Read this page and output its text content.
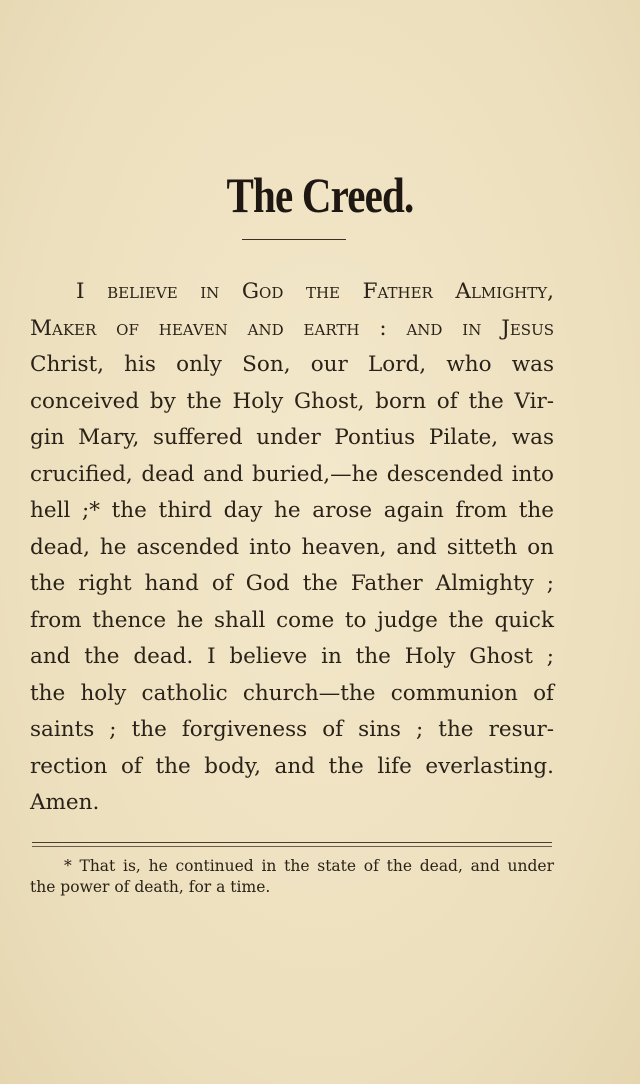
The Creed.
I believe in God the Father Almighty,
Maker of heaven and earth : and in Jesus
Christ, his only Son, our Lord, who was
conceived by the Holy Ghost, born of the Vir-
gin Mary, suffered under Pontius Pilate, was
crucified, dead and buried,—he descended into
hell ;* the third day he arose again from the
dead, he ascended into heaven, and sitteth on
the right hand of God the Father Almighty ;
from thence he shall come to judge the quick
and the dead. I believe in the Holy Ghost ;
the holy catholic church—the communion of
saints ; the forgiveness of sins ; the resur-
rection of the body, and the life everlasting.
Amen.
* That is, he continued in the state of the dead, and under
the power of death, for a time.
